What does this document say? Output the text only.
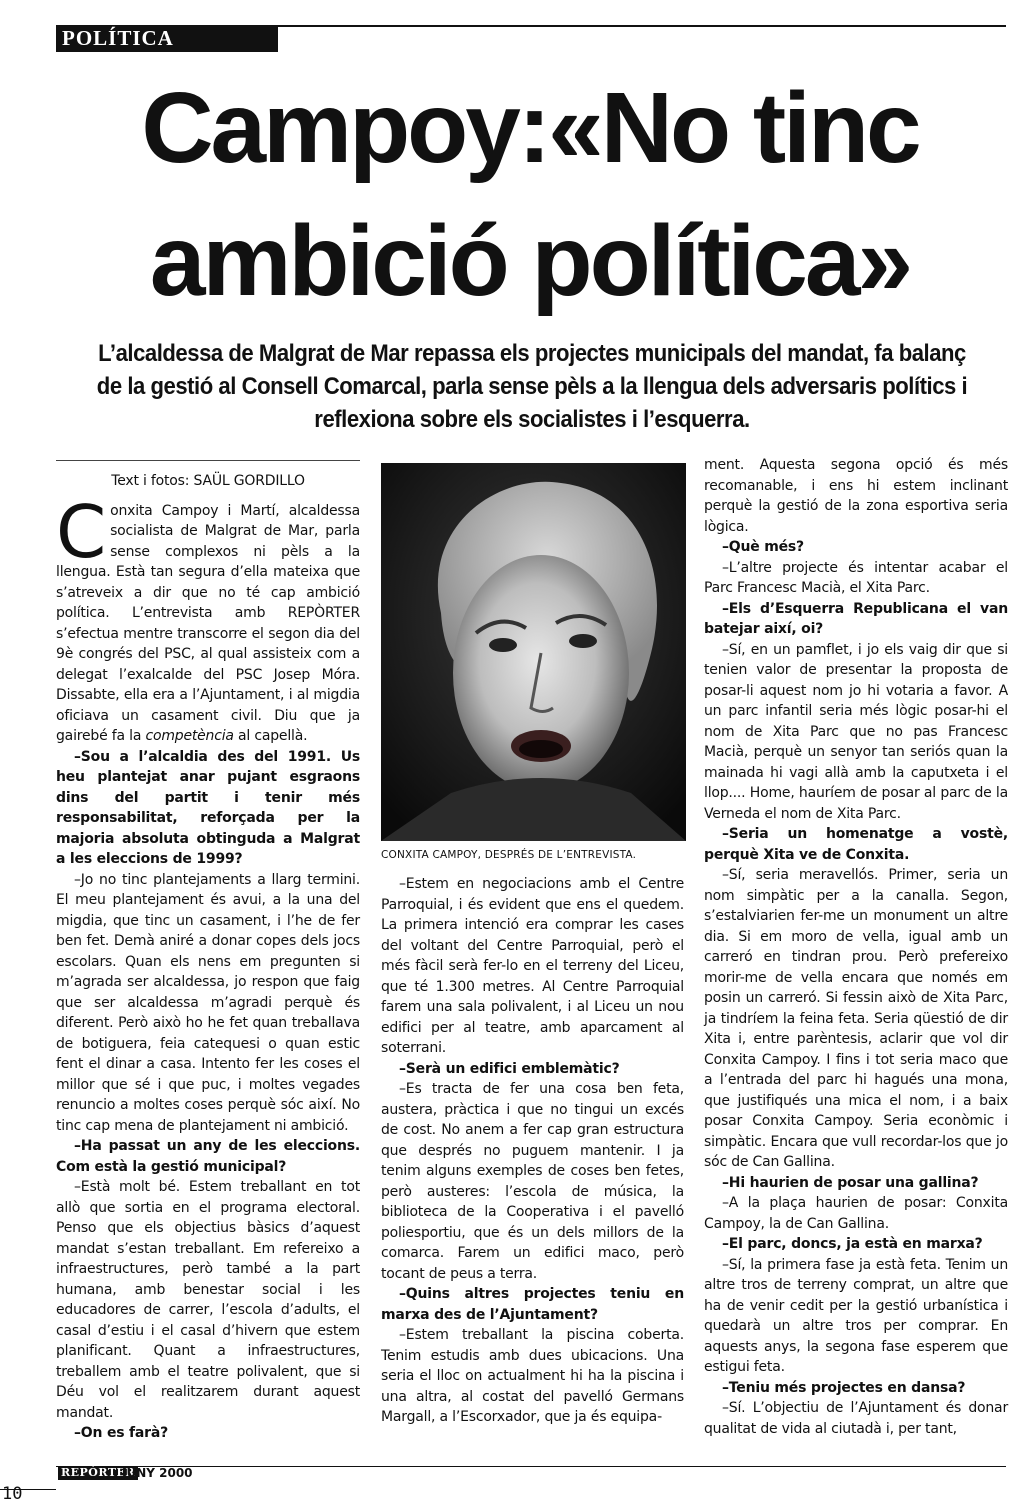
POLÍTICA
Campoy:«No tinc
ambició política»

L’alcaldessa de Malgrat de Mar repassa els projectes municipals del mandat, fa balanç de la gestió al Consell Comarcal, parla sense pèls a la llengua dels adversaris polítics i reflexiona sobre els socialistes i l’esquerra.

Text i fotos: SAÜL GORDILLO

Conxita Campoy i Martí, alcaldessa socialista de Malgrat de Mar, parla sense complexos ni pèls a la llengua. Està tan segura d’ella mateixa que s’atreveix a dir que no té cap ambició política. L’entrevista amb REPÒRTER s’efectua mentre transcorre el segon dia del 9è congrés del PSC, al qual assisteix com a delegat l’exalcalde del PSC Josep Móra. Dissabte, ella era a l’Ajuntament, i al migdia oficiava un casament civil. Diu que ja gairebé fa la competència al capellà.

–Sou a l’alcaldia des del 1991. Us heu plantejat anar pujant esgraons dins del partit i tenir més responsabilitat, reforçada per la majoria absoluta obtinguda a Malgrat a les eleccions de 1999?

–Jo no tinc plantejaments a llarg termini. El meu plantejament és avui, a la una del migdia, que tinc un casament, i l’he de fer ben fet. Demà aniré a donar copes dels jocs escolars. Quan els nens em pregunten si m’agrada ser alcaldessa, jo respon que faig que ser alcaldessa m’agradi perquè és diferent. Però això ho he fet quan treballava de botiguera, feia catequesi o quan estic fent el dinar a casa. Intento fer les coses el millor que sé i que puc, i moltes vegades renuncio a moltes coses perquè sóc així. No tinc cap mena de plantejament ni ambició.

–Ha passat un any de les eleccions. Com està la gestió municipal?

–Està molt bé. Estem treballant en tot allò que sortia en el programa electoral. Penso que els objectius bàsics d’aquest mandat s’estan treballant. Em refereixo a infraestructures, però també a la part humana, amb benestar social i les educadores de carrer, l’escola d’adults, el casal d’estiu i el casal d’hivern que estem planificant. Quant a infraestructures, treballem amb el teatre polivalent, que si Déu vol el realitzarem durant aquest mandat.

–On es farà?

CONXITA CAMPOY, DESPRÉS DE L’ENTREVISTA.

–Estem en negociacions amb el Centre Parroquial, i és evident que ens el quedem. La primera intenció era comprar les cases del voltant del Centre Parroquial, però el més fàcil serà fer-lo en el terreny del Liceu, que té 1.300 metres. Al Centre Parroquial farem una sala polivalent, i al Liceu un nou edifici per al teatre, amb aparcament al soterrani.

–Serà un edifici emblemàtic?

–Es tracta de fer una cosa ben feta, austera, pràctica i que no tingui un excés de cost. No anem a fer cap gran estructura que després no puguem mantenir. I ja tenim alguns exemples de coses ben fetes, però austeres: l’escola de música, la biblioteca de la Cooperativa i el pavelló poliesportiu, que és un dels millors de la comarca. Farem un edifici maco, però tocant de peus a terra.

–Quins altres projectes teniu en marxa des de l’Ajuntament?

–Estem treballant la piscina coberta. Tenim estudis amb dues ubicacions. Una seria el lloc on actualment hi ha la piscina i una altra, al costat del pavelló Germans Margall, a l’Escorxador, que ja és equipa-

ment. Aquesta segona opció és més recomanable, i ens hi estem inclinant perquè la gestió de la zona esportiva seria lògica.

–Què més?

–L’altre projecte és intentar acabar el Parc Francesc Macià, el Xita Parc.

–Els d’Esquerra Republicana el van batejar així, oi?

–Sí, en un pamflet, i jo els vaig dir que si tenien valor de presentar la proposta de posar-li aquest nom jo hi votaria a favor. A un parc infantil seria més lògic posar-hi el nom de Xita Parc que no pas Francesc Macià, perquè un senyor tan seriós quan la mainada hi vagi allà amb la caputxeta i el llop.... Home, hauríem de posar al parc de la Verneda el nom de Xita Parc.

–Seria un homenatge a vostè, perquè Xita ve de Conxita.

–Sí, seria meravellós. Primer, seria un nom simpàtic per a la canalla. Segon, s’estalviarien fer-me un monument un altre dia. Si em moro de vella, igual amb un carreró en tindran prou. Però prefereixo morir-me de vella encara que només em posin un carreró. Si fessin això de Xita Parc, ja tindríem la feina feta. Seria qüestió de dir Xita i, entre parèntesis, aclarir que vol dir Conxita Campoy. I fins i tot seria maco que a l’entrada del parc hi hagués una mona, que justifiqués una mica el nom, i a baix posar Conxita Campoy. Seria econòmic i simpàtic. Encara que vull recordar-los que jo sóc de Can Gallina.

–Hi haurien de posar una gallina?

–A la plaça haurien de posar: Conxita Campoy, la de Can Gallina.

–El parc, doncs, ja està en marxa?

–Sí, la primera fase ja està feta. Tenim un altre tros de terreny comprat, un altre que ha de venir cedit per la gestió urbanística i quedarà un altre tros per comprar. En aquests anys, la segona fase esperem que estigui feta.

–Teniu més projectes en dansa?

–Sí. L’objectiu de l’Ajuntament és donar qualitat de vida al ciutadà i, per tant,

REPÒRTER
JUNY 2000
10
